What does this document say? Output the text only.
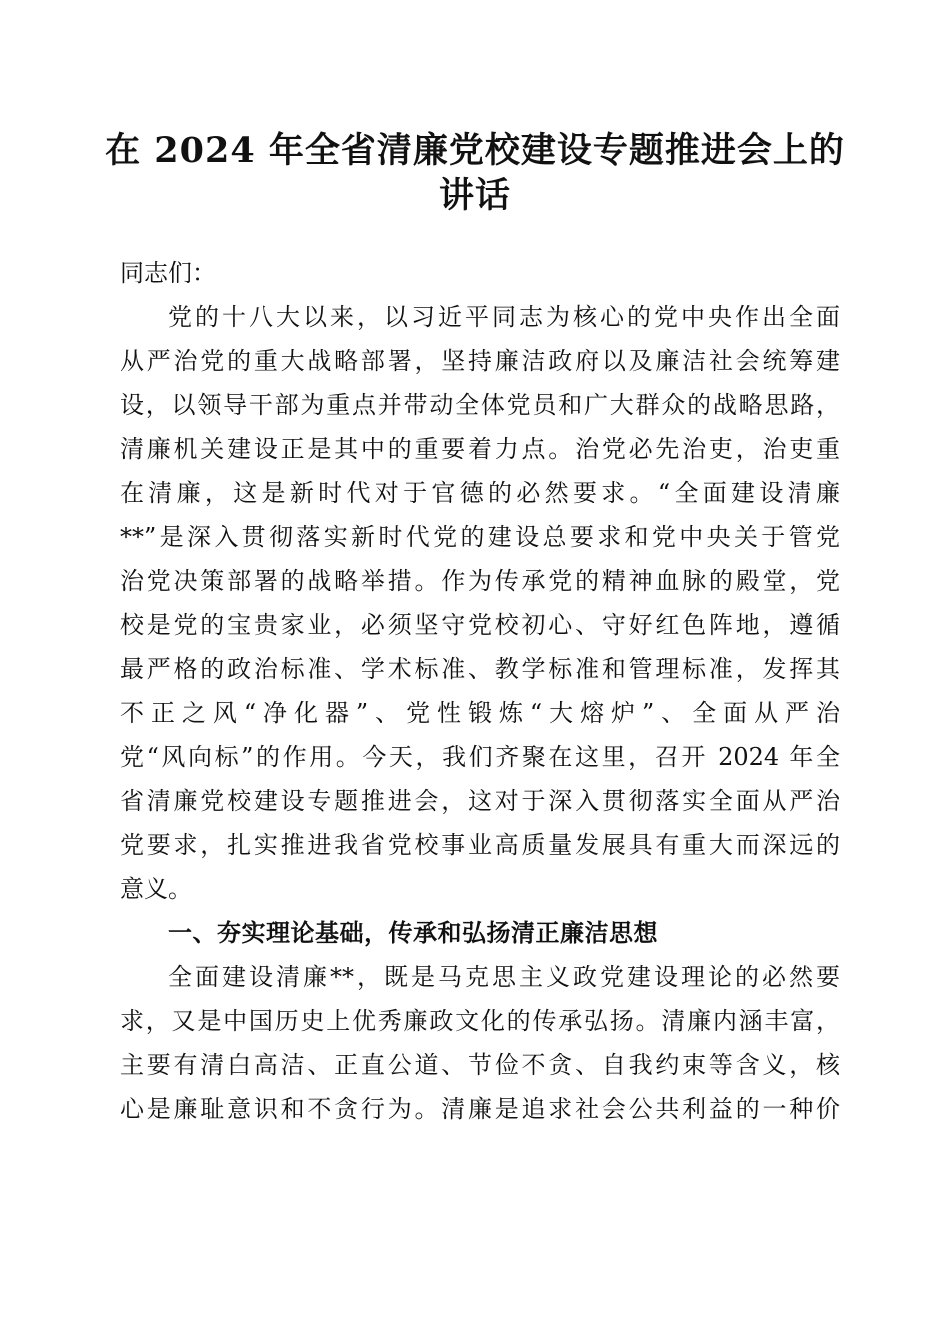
在 2024 年全省清廉党校建设专题推进会上的
讲话
同志们：
党的十八大以来，以习近平同志为核心的党中央作出全面
从严治党的重大战略部署，坚持廉洁政府以及廉洁社会统筹建
设，以领导干部为重点并带动全体党员和广大群众的战略思路，
清廉机关建设正是其中的重要着力点。治党必先治吏，治吏重
在清廉，这是新时代对于官德的必然要求。“全面建设清廉
**”是深入贯彻落实新时代党的建设总要求和党中央关于管党
治党决策部署的战略举措。作为传承党的精神血脉的殿堂，党
校是党的宝贵家业，必须坚守党校初心、守好红色阵地，遵循
最严格的政治标准、学术标准、教学标准和管理标准，发挥其
不正之风“净化器”、党性锻炼“大熔炉”、全面从严治
党“风向标”的作用。今天，我们齐聚在这里，召开 2024 年全
省清廉党校建设专题推进会，这对于深入贯彻落实全面从严治
党要求，扎实推进我省党校事业高质量发展具有重大而深远的
意义。
一、夯实理论基础，传承和弘扬清正廉洁思想
全面建设清廉**，既是马克思主义政党建设理论的必然要
求，又是中国历史上优秀廉政文化的传承弘扬。清廉内涵丰富，
主要有清白高洁、正直公道、节俭不贪、自我约束等含义，核
心是廉耻意识和不贪行为。清廉是追求社会公共利益的一种价
